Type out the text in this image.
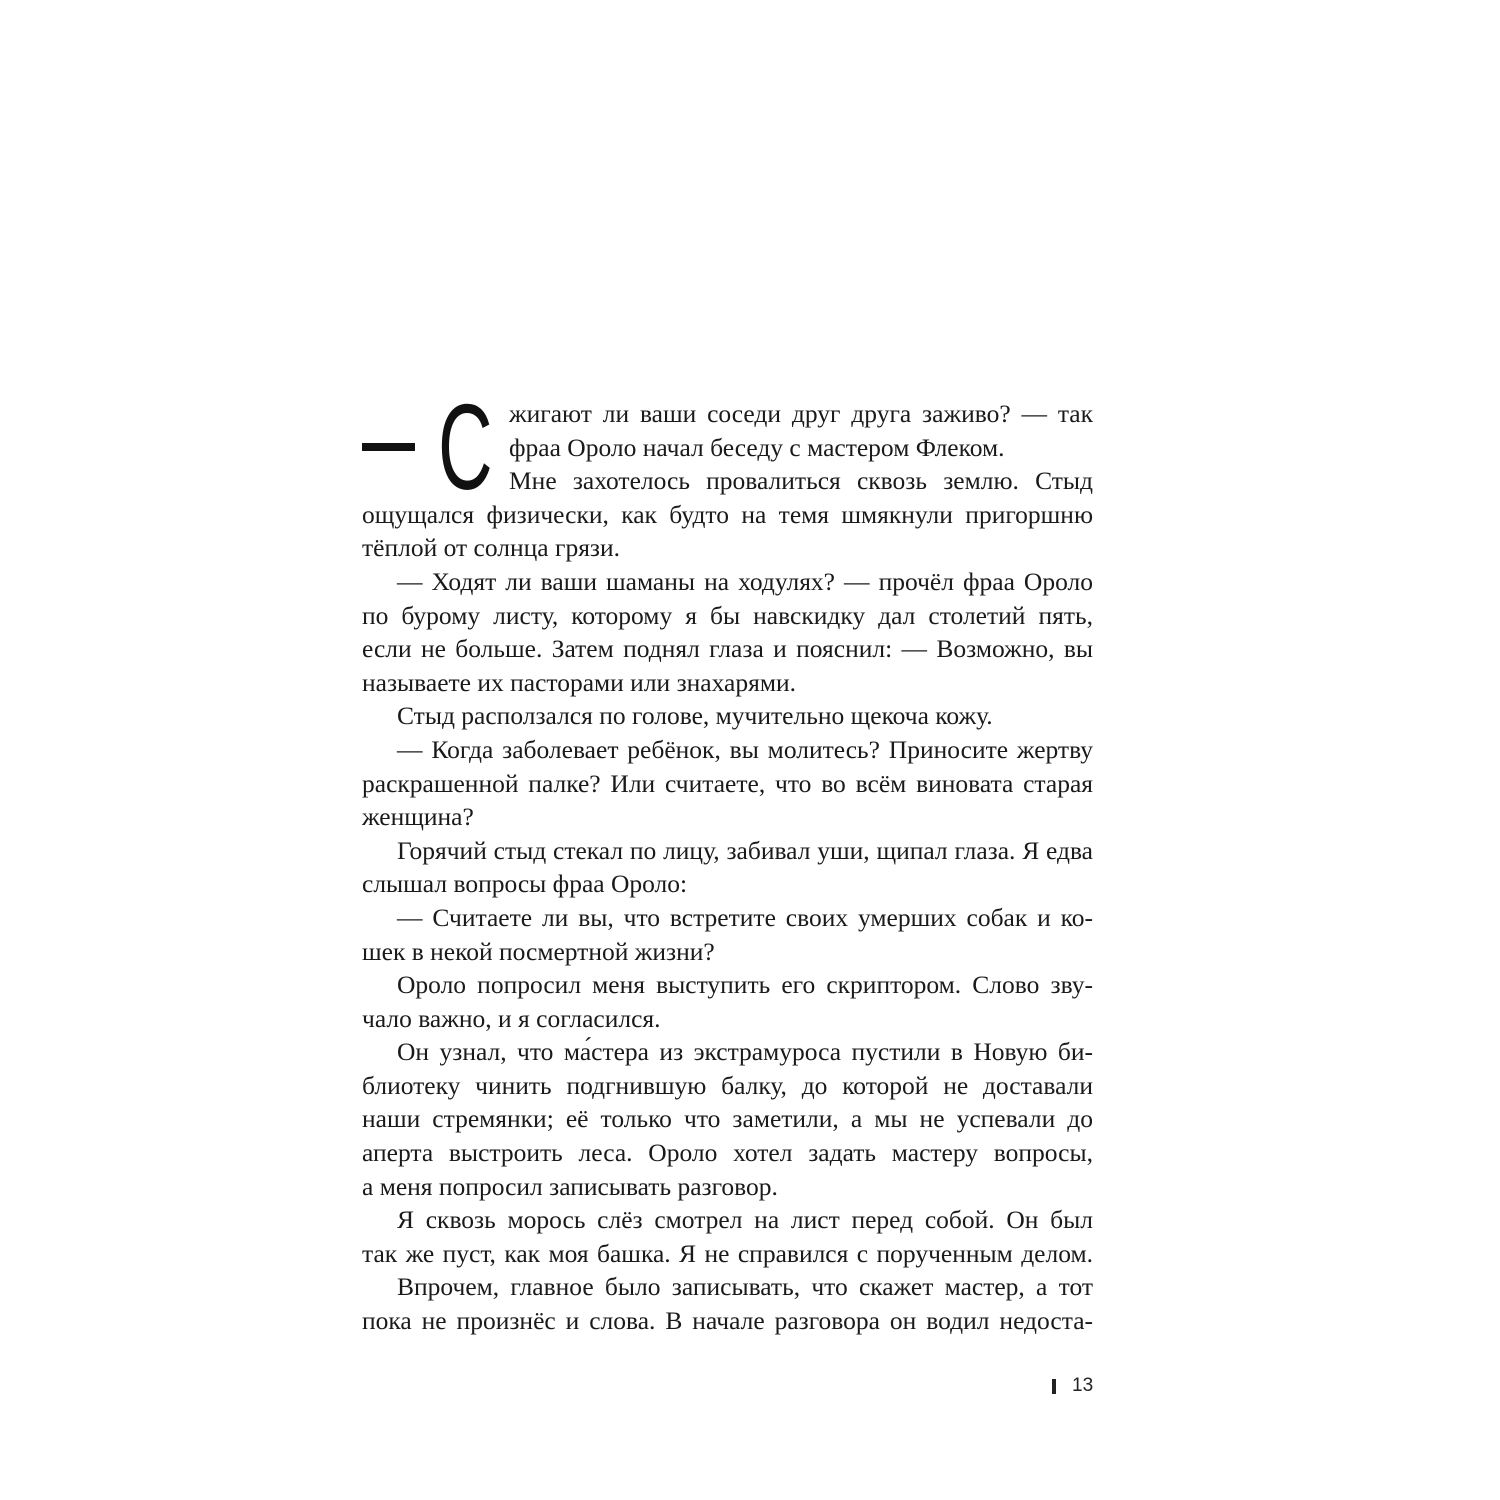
С жигают ли ваши соседи друг друга заживо? — так
фраа Ороло начал беседу с мастером Флеком.
Мне захотелось провалиться сквозь землю. Стыд
ощущался физически, как будто на темя шмякнули пригоршню
тёплой от солнца грязи.
— Ходят ли ваши шаманы на ходулях? — прочёл фраа Ороло
по бурому листу, которому я бы навскидку дал столетий пять,
если не больше. Затем поднял глаза и пояснил: — Возможно, вы
называете их пасторами или знахарями.
Стыд расползался по голове, мучительно щекоча кожу.
— Когда заболевает ребёнок, вы молитесь? Приносите жертву
раскрашенной палке? Или считаете, что во всём виновата старая
женщина?
Горячий стыд стекал по лицу, забивал уши, щипал глаза. Я едва
слышал вопросы фраа Ороло:
— Считаете ли вы, что встретите своих умерших собак и ко-
шек в некой посмертной жизни?
Ороло попросил меня выступить его скриптором. Слово зву-
чало важно, и я согласился.
Он узнал, что ма́стера из экстрамуроса пустили в Новую би-
блиотеку чинить подгнившую балку, до которой не доставали
наши стремянки; её только что заметили, а мы не успевали до
аперта выстроить леса. Ороло хотел задать мастеру вопросы,
а меня попросил записывать разговор.
Я сквозь морось слёз смотрел на лист перед собой. Он был
так же пуст, как моя башка. Я не справился с порученным делом.
Впрочем, главное было записывать, что скажет мастер, а тот
пока не произнёс и слова. В начале разговора он водил недоста-
13
